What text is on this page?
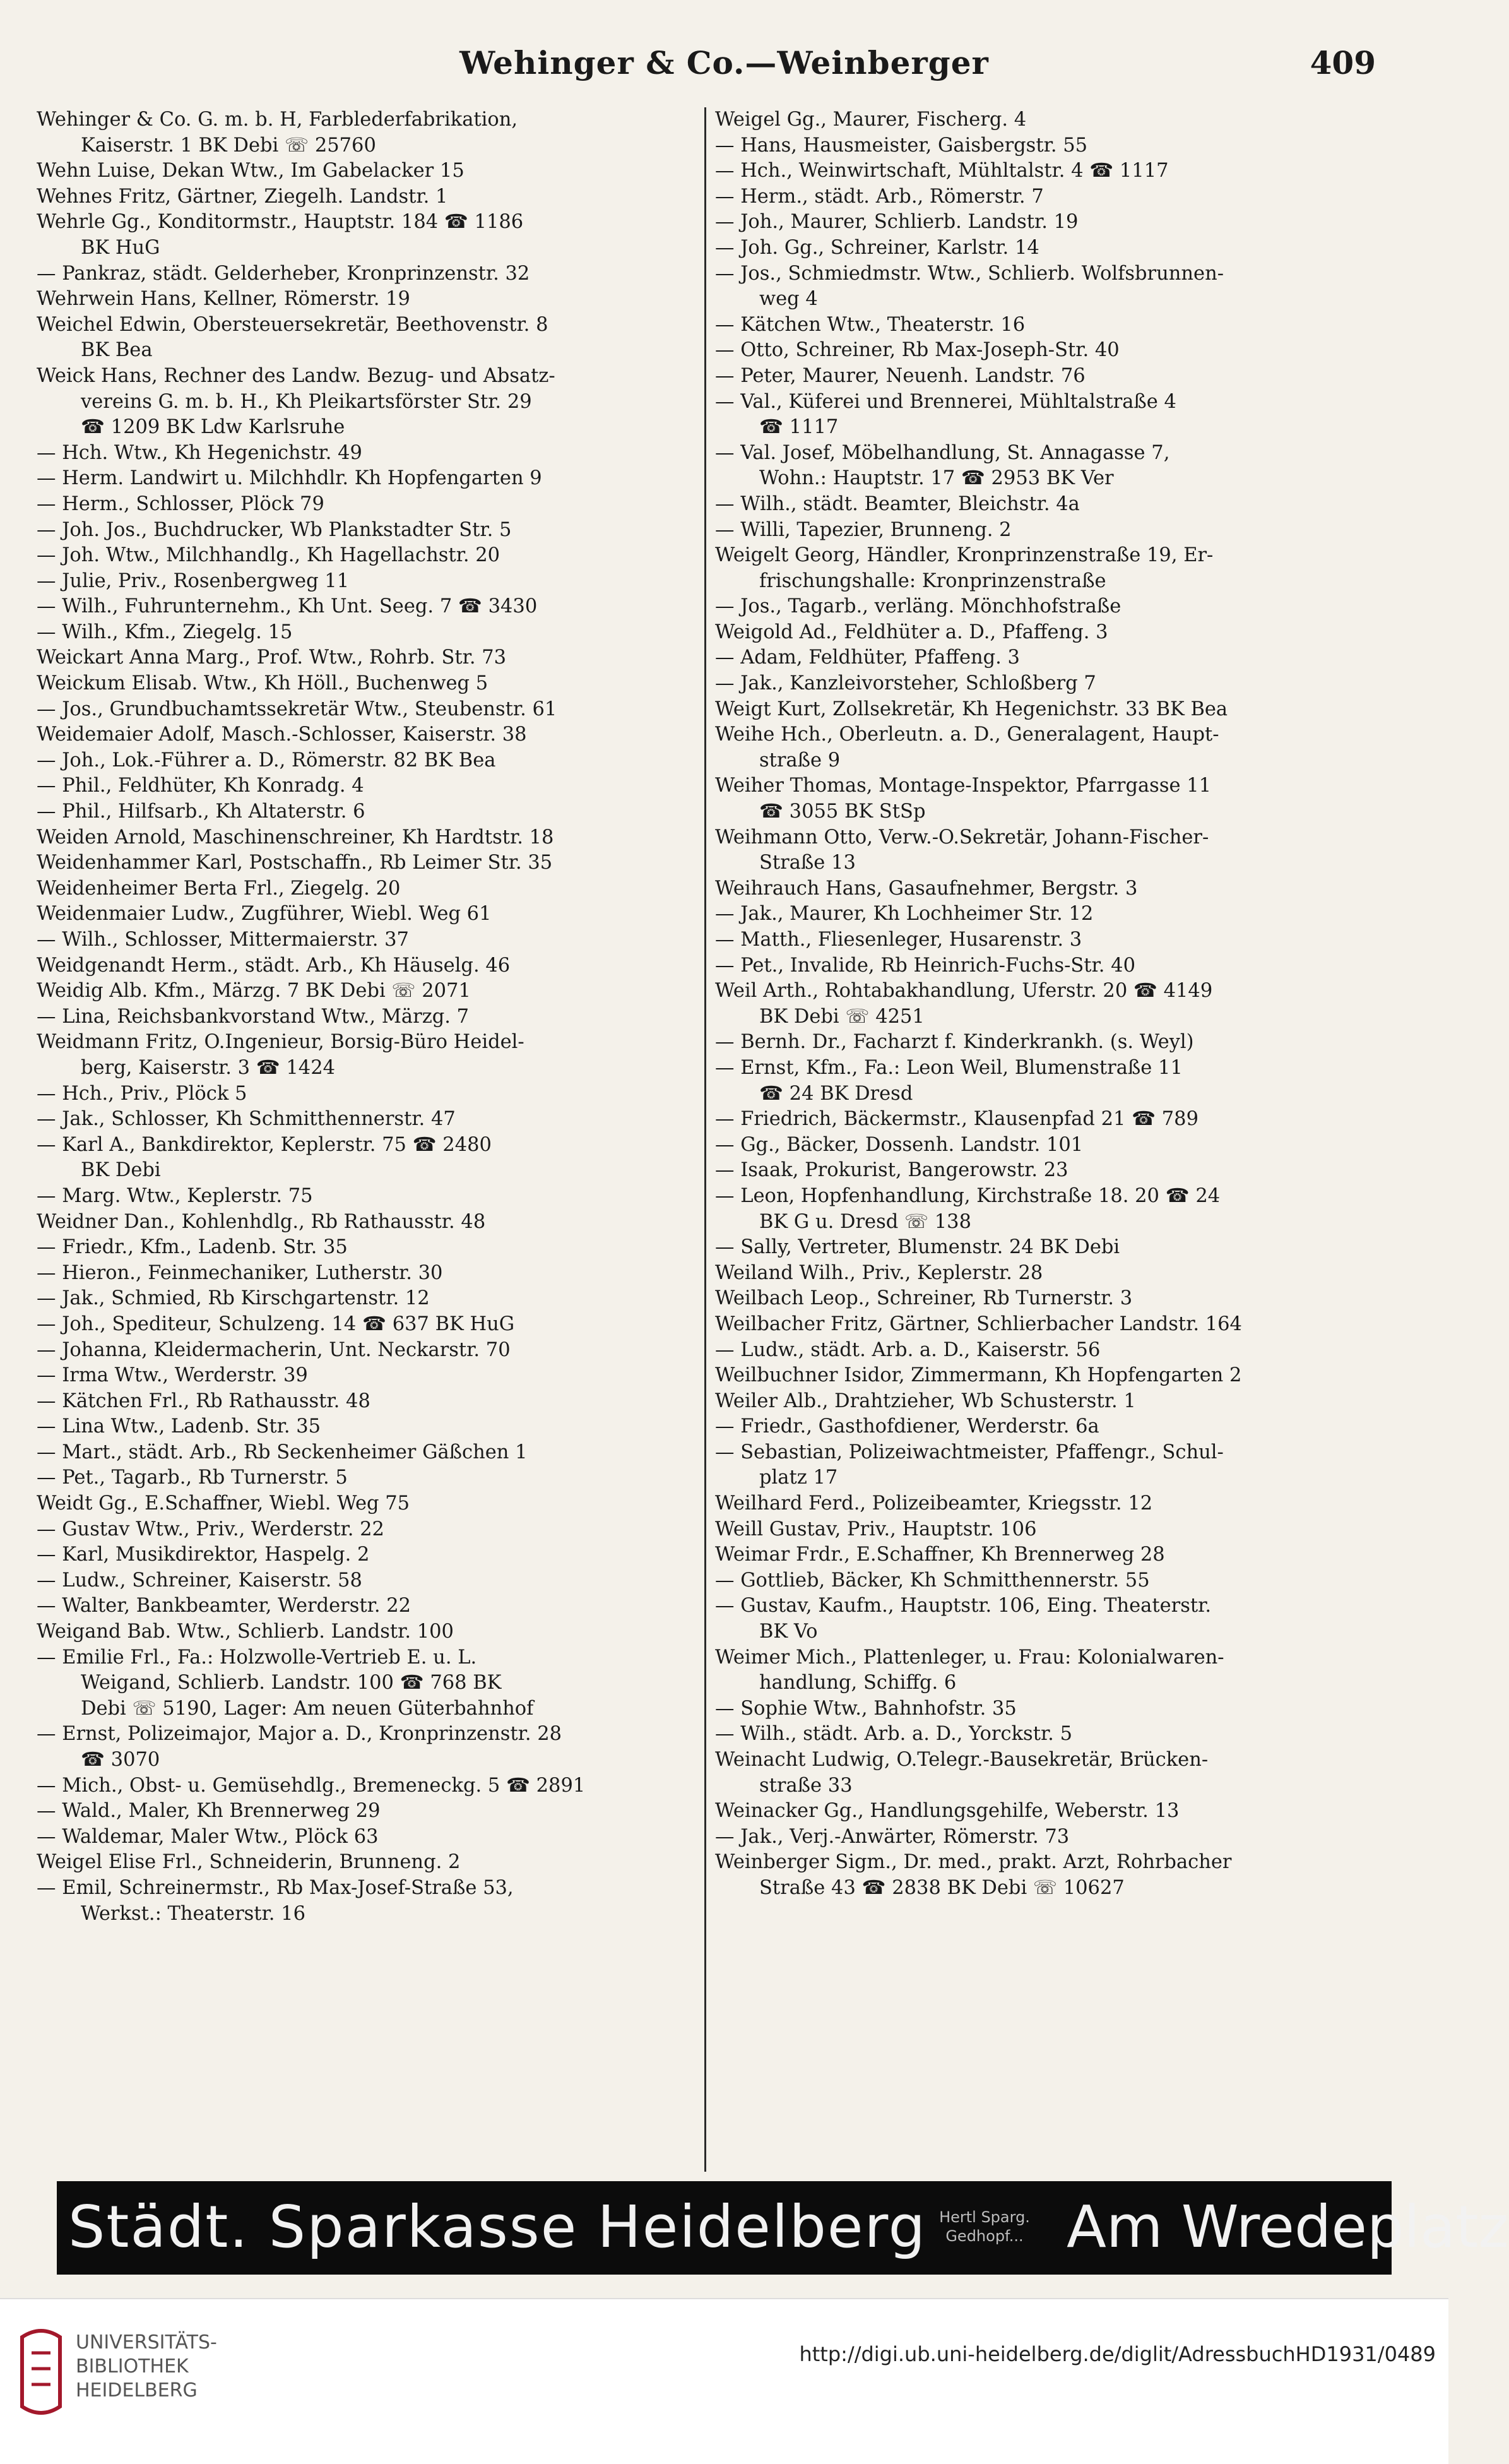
Wehinger & Co.—Weinberger	409

Wehinger & Co. G. m. b. H, Farblederfabrikation,

Kaiserstr. 1 BK Debi ☏ 25760

Wehn Luise, Dekan Wtw., Im Gabelacker 15

Wehnes Fritz, Gärtner, Ziegelh. Landstr. 1

Wehrle Gg., Konditormstr., Hauptstr. 184 ☎ 1186

BK HuG

— Pankraz, städt. Gelderheber, Kronprinzenstr. 32

Wehrwein Hans, Kellner, Römerstr. 19

Weichel Edwin, Obersteuersekretär, Beethovenstr. 8

BK Bea

Weick Hans, Rechner des Landw. Bezug- und Absatz-

vereins G. m. b. H., Kh Pleikartsförster Str. 29

☎ 1209 BK Ldw Karlsruhe

— Hch. Wtw., Kh Hegenichstr. 49

— Herm. Landwirt u. Milchhdlr. Kh Hopfengarten 9

— Herm., Schlosser, Plöck 79

— Joh. Jos., Buchdrucker, Wb Plankstadter Str. 5

— Joh. Wtw., Milchhandlg., Kh Hagellachstr. 20

— Julie, Priv., Rosenbergweg 11

— Wilh., Fuhrunternehm., Kh Unt. Seeg. 7 ☎ 3430

— Wilh., Kfm., Ziegelg. 15

Weickart Anna Marg., Prof. Wtw., Rohrb. Str. 73

Weickum Elisab. Wtw., Kh Höll., Buchenweg 5

— Jos., Grundbuchamtssekretär Wtw., Steubenstr. 61

Weidemaier Adolf, Masch.-Schlosser, Kaiserstr. 38

— Joh., Lok.-Führer a. D., Römerstr. 82 BK Bea

— Phil., Feldhüter, Kh Konradg. 4

— Phil., Hilfsarb., Kh Altaterstr. 6

Weiden Arnold, Maschinenschreiner, Kh Hardtstr. 18

Weidenhammer Karl, Postschaffn., Rb Leimer Str. 35

Weidenheimer Berta Frl., Ziegelg. 20

Weidenmaier Ludw., Zugführer, Wiebl. Weg 61

— Wilh., Schlosser, Mittermaierstr. 37

Weidgenandt Herm., städt. Arb., Kh Häuselg. 46

Weidig Alb. Kfm., Märzg. 7 BK Debi ☏ 2071

— Lina, Reichsbankvorstand Wtw., Märzg. 7

Weidmann Fritz, O.Ingenieur, Borsig-Büro Heidel-

berg, Kaiserstr. 3 ☎ 1424

— Hch., Priv., Plöck 5

— Jak., Schlosser, Kh Schmitthennerstr. 47

— Karl A., Bankdirektor, Keplerstr. 75 ☎ 2480

BK Debi

— Marg. Wtw., Keplerstr. 75

Weidner Dan., Kohlenhdlg., Rb Rathausstr. 48

— Friedr., Kfm., Ladenb. Str. 35

— Hieron., Feinmechaniker, Lutherstr. 30

— Jak., Schmied, Rb Kirschgartenstr. 12

— Joh., Spediteur, Schulzeng. 14 ☎ 637 BK HuG

— Johanna, Kleidermacherin, Unt. Neckarstr. 70

— Irma Wtw., Werderstr. 39

— Kätchen Frl., Rb Rathausstr. 48

— Lina Wtw., Ladenb. Str. 35

— Mart., städt. Arb., Rb Seckenheimer Gäßchen 1

— Pet., Tagarb., Rb Turnerstr. 5

Weidt Gg., E.Schaffner, Wiebl. Weg 75

— Gustav Wtw., Priv., Werderstr. 22

— Karl, Musikdirektor, Haspelg. 2

— Ludw., Schreiner, Kaiserstr. 58

— Walter, Bankbeamter, Werderstr. 22

Weigand Bab. Wtw., Schlierb. Landstr. 100

— Emilie Frl., Fa.: Holzwolle-Vertrieb E. u. L.

Weigand, Schlierb. Landstr. 100 ☎ 768 BK

Debi ☏ 5190, Lager: Am neuen Güterbahnhof

— Ernst, Polizeimajor, Major a. D., Kronprinzenstr. 28

☎ 3070

— Mich., Obst- u. Gemüsehdlg., Bremeneckg. 5 ☎ 2891

— Wald., Maler, Kh Brennerweg 29

— Waldemar, Maler Wtw., Plöck 63

Weigel Elise Frl., Schneiderin, Brunneng. 2

— Emil, Schreinermstr., Rb Max-Josef-Straße 53,

Werkst.: Theaterstr. 16

Weigel Gg., Maurer, Fischerg. 4

— Hans, Hausmeister, Gaisbergstr. 55

— Hch., Weinwirtschaft, Mühltalstr. 4 ☎ 1117

— Herm., städt. Arb., Römerstr. 7

— Joh., Maurer, Schlierb. Landstr. 19

— Joh. Gg., Schreiner, Karlstr. 14

— Jos., Schmiedmstr. Wtw., Schlierb. Wolfsbrunnen-

weg 4

— Kätchen Wtw., Theaterstr. 16

— Otto, Schreiner, Rb Max-Joseph-Str. 40

— Peter, Maurer, Neuenh. Landstr. 76

— Val., Küferei und Brennerei, Mühltalstraße 4

☎ 1117

— Val. Josef, Möbelhandlung, St. Annagasse 7,

Wohn.: Hauptstr. 17 ☎ 2953 BK Ver

— Wilh., städt. Beamter, Bleichstr. 4a

— Willi, Tapezier, Brunneng. 2

Weigelt Georg, Händler, Kronprinzenstraße 19, Er-

frischungshalle: Kronprinzenstraße

— Jos., Tagarb., verläng. Mönchhofstraße

Weigold Ad., Feldhüter a. D., Pfaffeng. 3

— Adam, Feldhüter, Pfaffeng. 3

— Jak., Kanzleivorsteher, Schloßberg 7

Weigt Kurt, Zollsekretär, Kh Hegenichstr. 33 BK Bea

Weihe Hch., Oberleutn. a. D., Generalagent, Haupt-

straße 9

Weiher Thomas, Montage-Inspektor, Pfarrgasse 11

☎ 3055 BK StSp

Weihmann Otto, Verw.-O.Sekretär, Johann-Fischer-

Straße 13

Weihrauch Hans, Gasaufnehmer, Bergstr. 3

— Jak., Maurer, Kh Lochheimer Str. 12

— Matth., Fliesenleger, Husarenstr. 3

— Pet., Invalide, Rb Heinrich-Fuchs-Str. 40

Weil Arth., Rohtabakhandlung, Uferstr. 20 ☎ 4149

BK Debi ☏ 4251

— Bernh. Dr., Facharzt f. Kinderkrankh. (s. Weyl)

— Ernst, Kfm., Fa.: Leon Weil, Blumenstraße 11

☎ 24 BK Dresd

— Friedrich, Bäckermstr., Klausenpfad 21 ☎ 789

— Gg., Bäcker, Dossenh. Landstr. 101

— Isaak, Prokurist, Bangerowstr. 23

— Leon, Hopfenhandlung, Kirchstraße 18. 20 ☎ 24

BK G u. Dresd ☏ 138

— Sally, Vertreter, Blumenstr. 24 BK Debi

Weiland Wilh., Priv., Keplerstr. 28

Weilbach Leop., Schreiner, Rb Turnerstr. 3

Weilbacher Fritz, Gärtner, Schlierbacher Landstr. 164

— Ludw., städt. Arb. a. D., Kaiserstr. 56

Weilbuchner Isidor, Zimmermann, Kh Hopfengarten 2

Weiler Alb., Drahtzieher, Wb Schusterstr. 1

— Friedr., Gasthofdiener, Werderstr. 6a

— Sebastian, Polizeiwachtmeister, Pfaffengr., Schul-

platz 17

Weilhard Ferd., Polizeibeamter, Kriegsstr. 12

Weill Gustav, Priv., Hauptstr. 106

Weimar Frdr., E.Schaffner, Kh Brennerweg 28

— Gottlieb, Bäcker, Kh Schmitthennerstr. 55

— Gustav, Kaufm., Hauptstr. 106, Eing. Theaterstr.

BK Vo

Weimer Mich., Plattenleger, u. Frau: Kolonialwaren-

handlung, Schiffg. 6

— Sophie Wtw., Bahnhofstr. 35

— Wilh., städt. Arb. a. D., Yorckstr. 5

Weinacht Ludwig, O.Telegr.-Bausekretär, Brücken-

straße 33

Weinacker Gg., Handlungsgehilfe, Weberstr. 13

— Jak., Verj.-Anwärter, Römerstr. 73

Weinberger Sigm., Dr. med., prakt. Arzt, Rohrbacher

Straße 43 ☎ 2838 BK Debi ☏ 10627

Städt. Sparkasse Heidelberg Hertl Sparg. Gedhopf... Am Wredeplatz
UNIVERSITÄTS-
BIBLIOTHEK
HEIDELBERG
http://digi.ub.uni-heidelberg.de/diglit/AdressbuchHD1931/0489
